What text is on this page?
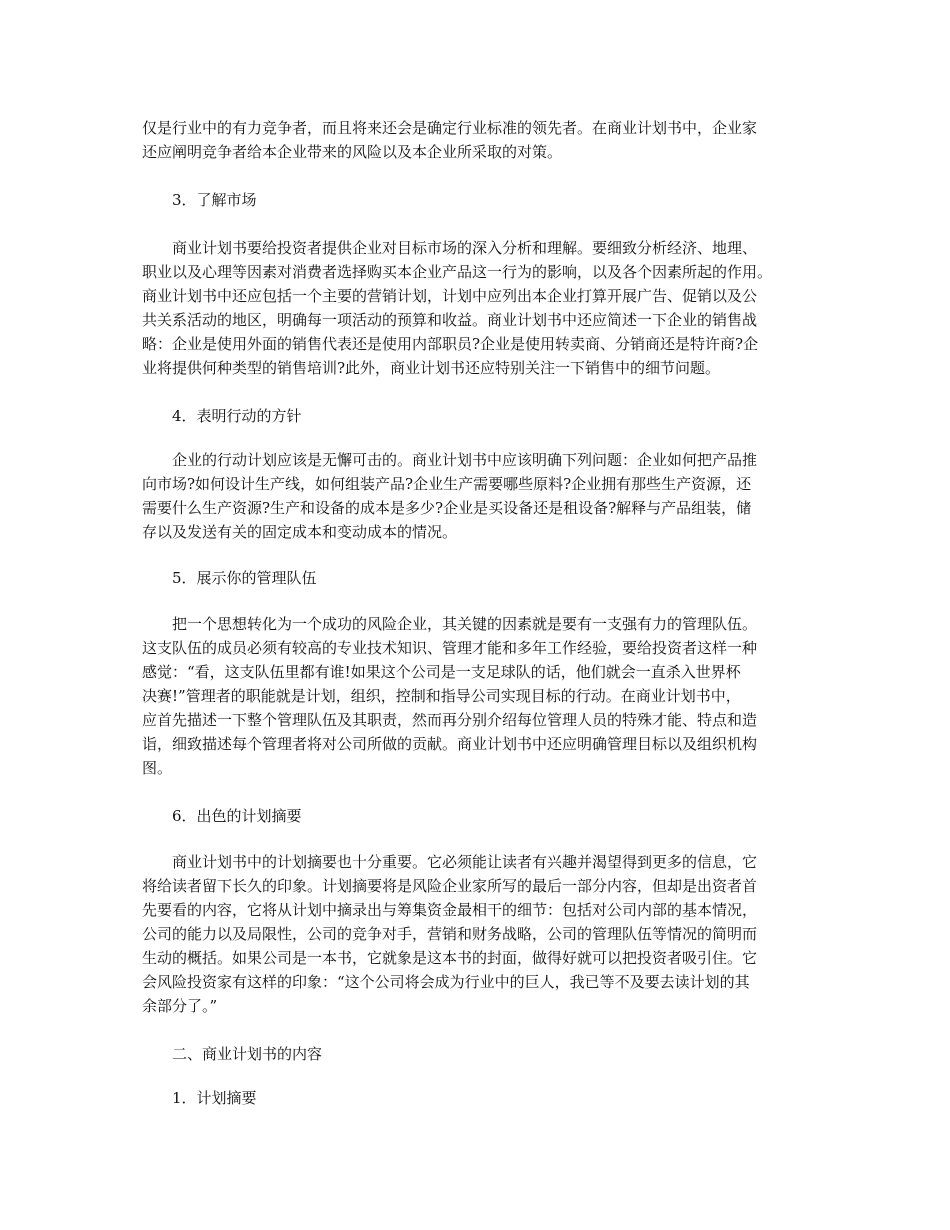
仅是行业中的有力竞争者，而且将来还会是确定行业标准的领先者。在商业计划书中，企业家
还应阐明竞争者给本企业带来的风险以及本企业所采取的对策。
3．了解市场
　　商业计划书要给投资者提供企业对目标市场的深入分析和理解。要细致分析经济、地理、
职业以及心理等因素对消费者选择购买本企业产品这一行为的影响，以及各个因素所起的作用。
商业计划书中还应包括一个主要的营销计划，计划中应列出本企业打算开展广告、促销以及公
共关系活动的地区，明确每一项活动的预算和收益。商业计划书中还应简述一下企业的销售战
略：企业是使用外面的销售代表还是使用内部职员?企业是使用转卖商、分销商还是特许商?企
业将提供何种类型的销售培训?此外，商业计划书还应特别关注一下销售中的细节问题。
4．表明行动的方针
　　企业的行动计划应该是无懈可击的。商业计划书中应该明确下列问题：企业如何把产品推
向市场?如何设计生产线，如何组装产品?企业生产需要哪些原料?企业拥有那些生产资源，还
需要什么生产资源?生产和设备的成本是多少?企业是买设备还是租设备?解释与产品组装，储
存以及发送有关的固定成本和变动成本的情况。
5．展示你的管理队伍
　　把一个思想转化为一个成功的风险企业，其关键的因素就是要有一支强有力的管理队伍。
这支队伍的成员必须有较高的专业技术知识、管理才能和多年工作经验，要给投资者这样一种
感觉：“看，这支队伍里都有谁!如果这个公司是一支足球队的话，他们就会一直杀入世界杯
决赛!”管理者的职能就是计划，组织，控制和指导公司实现目标的行动。在商业计划书中，
应首先描述一下整个管理队伍及其职责，然而再分别介绍每位管理人员的特殊才能、特点和造
诣，细致描述每个管理者将对公司所做的贡献。商业计划书中还应明确管理目标以及组织机构
图。
6．出色的计划摘要
　　商业计划书中的计划摘要也十分重要。它必须能让读者有兴趣并渴望得到更多的信息，它
将给读者留下长久的印象。计划摘要将是风险企业家所写的最后一部分内容，但却是出资者首
先要看的内容，它将从计划中摘录出与筹集资金最相干的细节：包括对公司内部的基本情况，
公司的能力以及局限性，公司的竞争对手，营销和财务战略，公司的管理队伍等情况的简明而
生动的概括。如果公司是一本书，它就象是这本书的封面，做得好就可以把投资者吸引住。它
会风险投资家有这样的印象：“这个公司将会成为行业中的巨人，我已等不及要去读计划的其
余部分了。”
二、商业计划书的内容
1．计划摘要
